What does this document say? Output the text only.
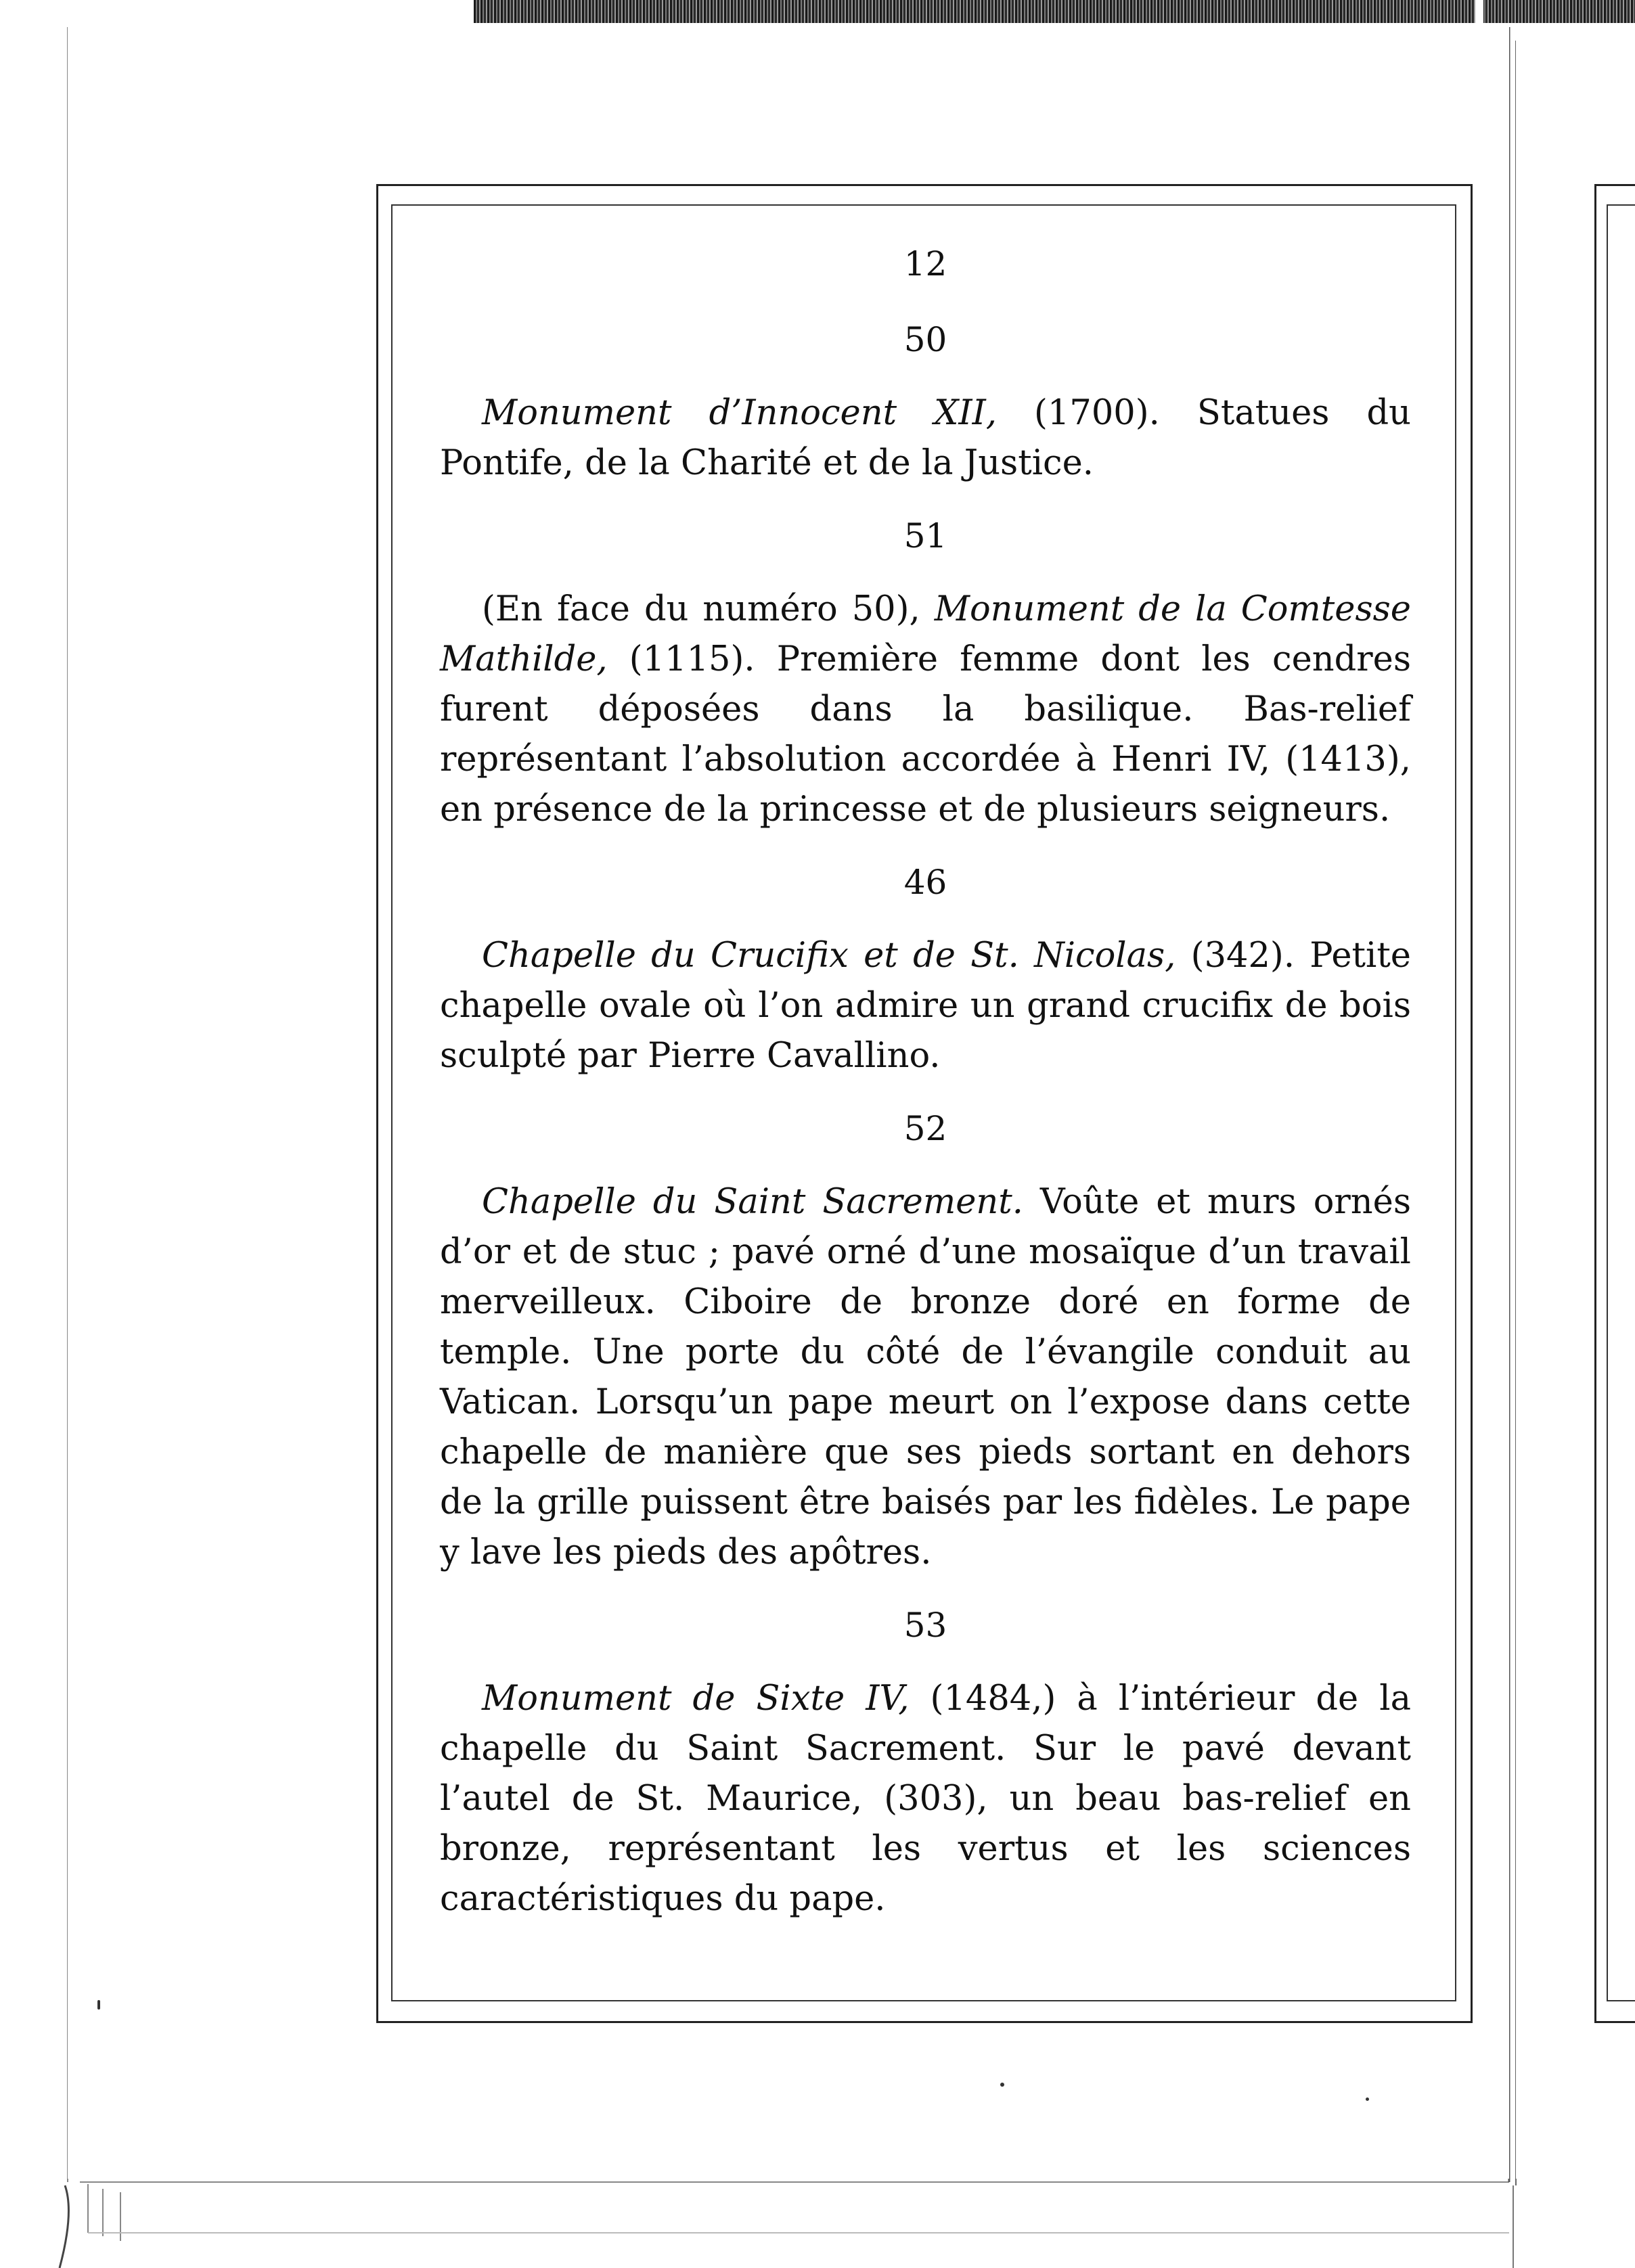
12

50

Monument d’Innocent XII, (1700). Statues du Pontife, de la Charité et de la Justice.

51

(En face du numéro 50), Monument de la Comtesse Mathilde, (1115). Première femme dont les cendres furent déposées dans la basilique. Bas-relief représentant l’absolution accordée à Henri IV, (1413), en présence de la princesse et de plusieurs seigneurs.

46

Chapelle du Crucifix et de St. Nicolas, (342). Petite chapelle ovale où l’on admire un grand crucifix de bois sculpté par Pierre Cavallino.

52

Chapelle du Saint Sacrement. Voûte et murs ornés d’or et de stuc ; pavé orné d’une mosaïque d’un travail merveilleux. Ciboire de bronze doré en forme de temple. Une porte du côté de l’évangile conduit au Vatican. Lorsqu’un pape meurt on l’expose dans cette chapelle de manière que ses pieds sortant en dehors de la grille puissent être baisés par les fidèles. Le pape y lave les pieds des apôtres.

53

Monument de Sixte IV, (1484,) à l’intérieur de la chapelle du Saint Sacrement. Sur le pavé devant l’autel de St. Maurice, (303), un beau bas-relief en bronze, représentant les vertus et les sciences caractéristiques du pape.
